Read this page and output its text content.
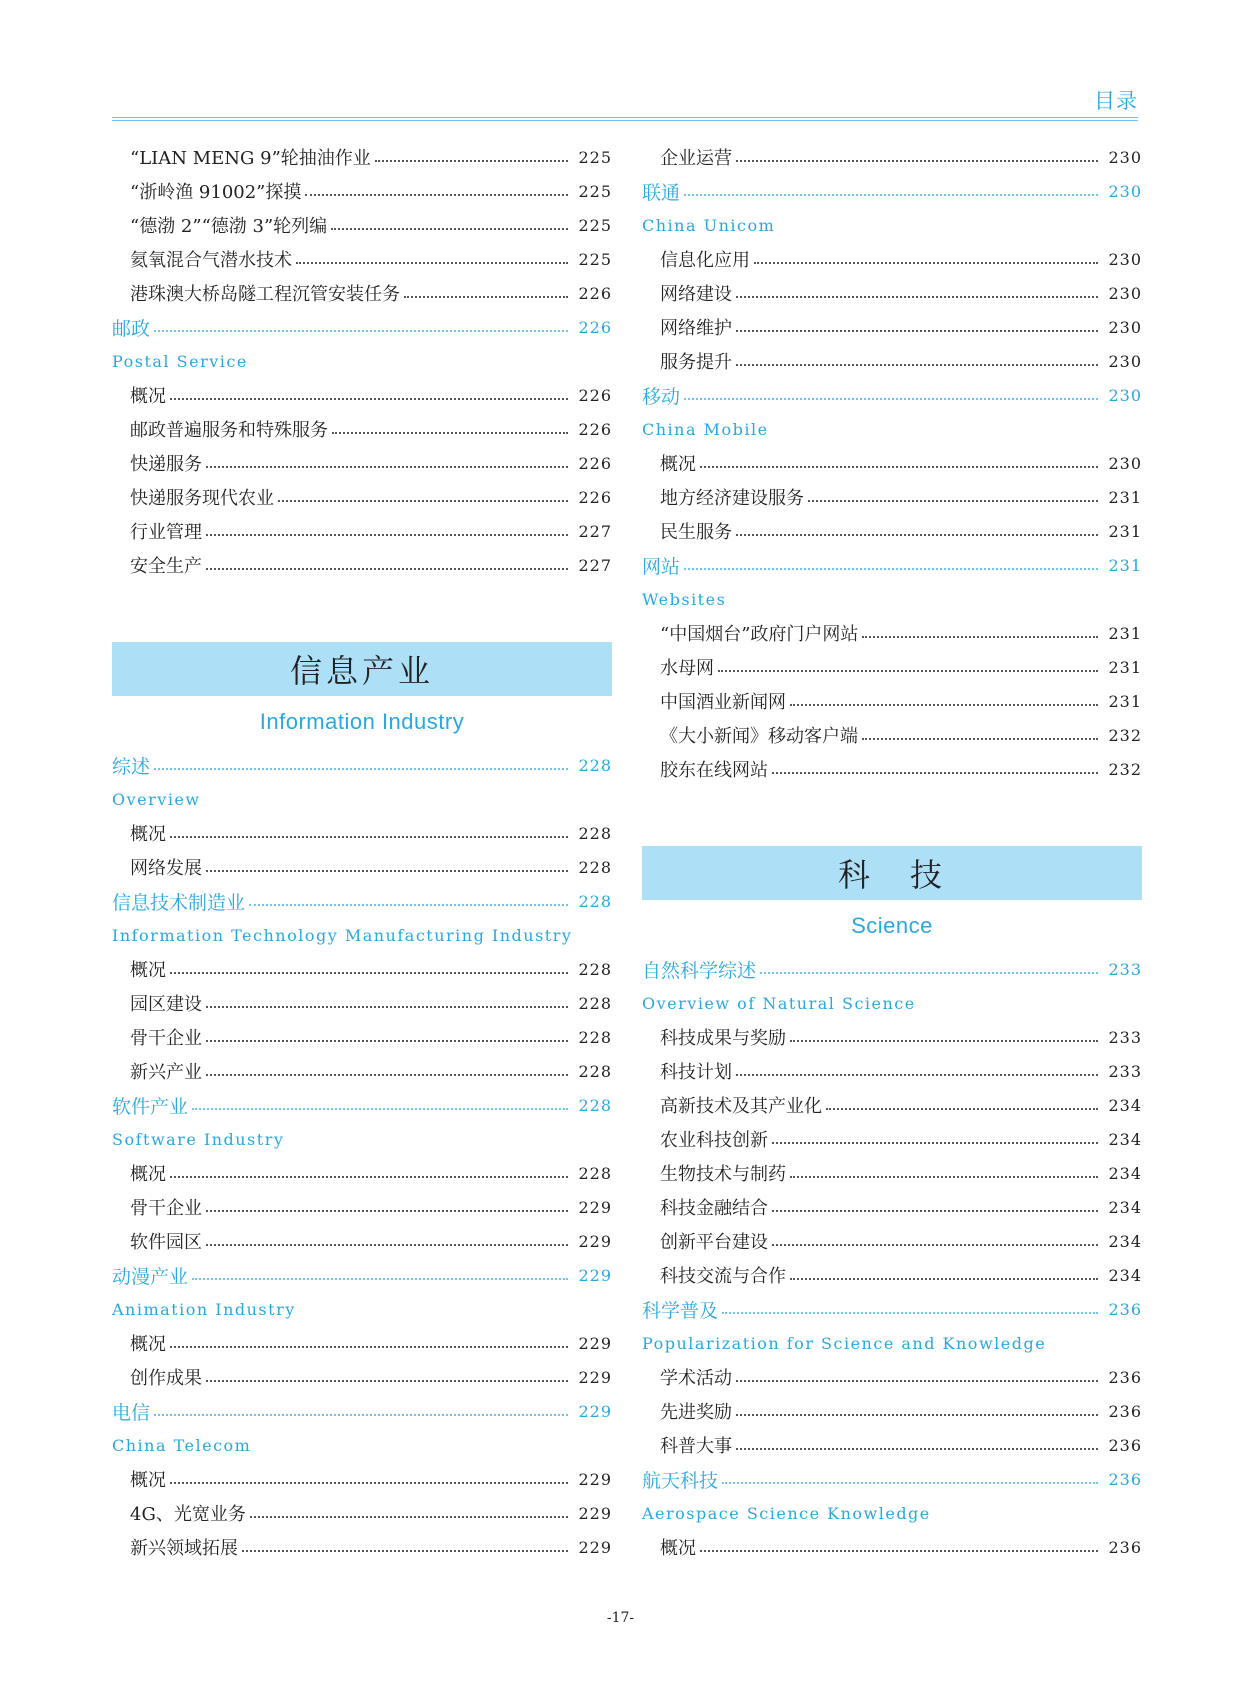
目录
“LIAN MENG 9”轮抽油作业	225
“浙岭渔 91002”探摸	225
“德渤 2”“德渤 3”轮列编	225
氦氧混合气潜水技术	225
港珠澳大桥岛隧工程沉管安装任务	226
邮政	226
Postal Service
概况	226
邮政普遍服务和特殊服务	226
快递服务	226
快递服务现代农业	226
行业管理	227
安全生产	227
信息产业
Information Industry
综述	228
Overview
概况	228
网络发展	228
信息技术制造业	228
Information Technology Manufacturing Industry
概况	228
园区建设	228
骨干企业	228
新兴产业	228
软件产业	228
Software Industry
概况	228
骨干企业	229
软件园区	229
动漫产业	229
Animation Industry
概况	229
创作成果	229
电信	229
China Telecom
概况	229
4G、光宽业务	229
新兴领域拓展	229
企业运营	230
联通	230
China Unicom
信息化应用	230
网络建设	230
网络维护	230
服务提升	230
移动	230
China Mobile
概况	230
地方经济建设服务	231
民生服务	231
网站	231
Websites
“中国烟台”政府门户网站	231
水母网	231
中国酒业新闻网	231
《大小新闻》移动客户端	232
胶东在线网站	232
科　技
Science
自然科学综述	233
Overview of Natural Science
科技成果与奖励	233
科技计划	233
高新技术及其产业化	234
农业科技创新	234
生物技术与制药	234
科技金融结合	234
创新平台建设	234
科技交流与合作	234
科学普及	236
Popularization for Science and Knowledge
学术活动	236
先进奖励	236
科普大事	236
航天科技	236
Aerospace Science Knowledge
概况	236
-17-
